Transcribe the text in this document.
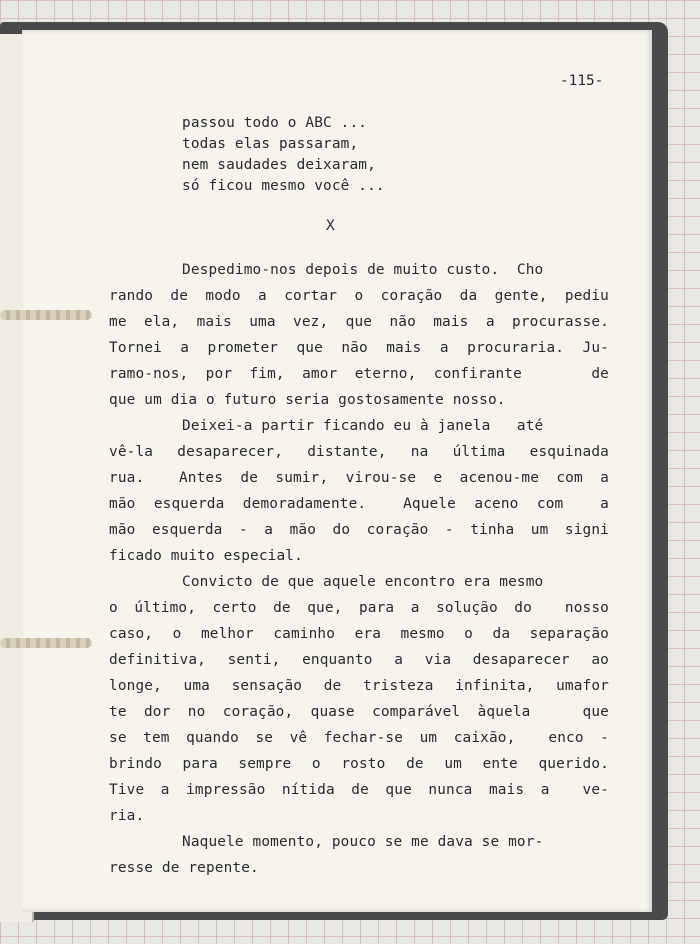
-115-
passou todo o ABC ...
todas elas passaram,
nem saudades deixaram,
só ficou mesmo você ...
X
Despedimo-nos depois de muito custo.  Cho
rando de modo a cortar o coração da gente, pediu
me ela, mais uma vez, que não mais a procurasse.
Tornei a prometer que não mais a procuraria. Ju-
ramo-nos, por fim, amor eterno, confirante    de
que um dia o futuro seria gostosamente nosso.
Deixei-a partir ficando eu à janela   até
vê-la desaparecer, distante, na última esquinada
rua.  Antes de sumir, virou-se e acenou-me com a
mão esquerda demoradamente.  Aquele aceno com  a
mão esquerda - a mão do coração - tinha um signi
ficado muito especial.
Convicto de que aquele encontro era mesmo
o último, certo de que, para a solução do  nosso
caso, o melhor caminho era mesmo o da separação
definitiva, senti, enquanto a via desaparecer ao
longe, uma sensação de tristeza infinita, umafor
te dor no coração, quase comparável àquela   que
se tem quando se vê fechar-se um caixão,  enco -
brindo para sempre o rosto de um ente querido.
Tive a impressão nítida de que nunca mais a  ve-
ria.
Naquele momento, pouco se me dava se mor-
resse de repente.
